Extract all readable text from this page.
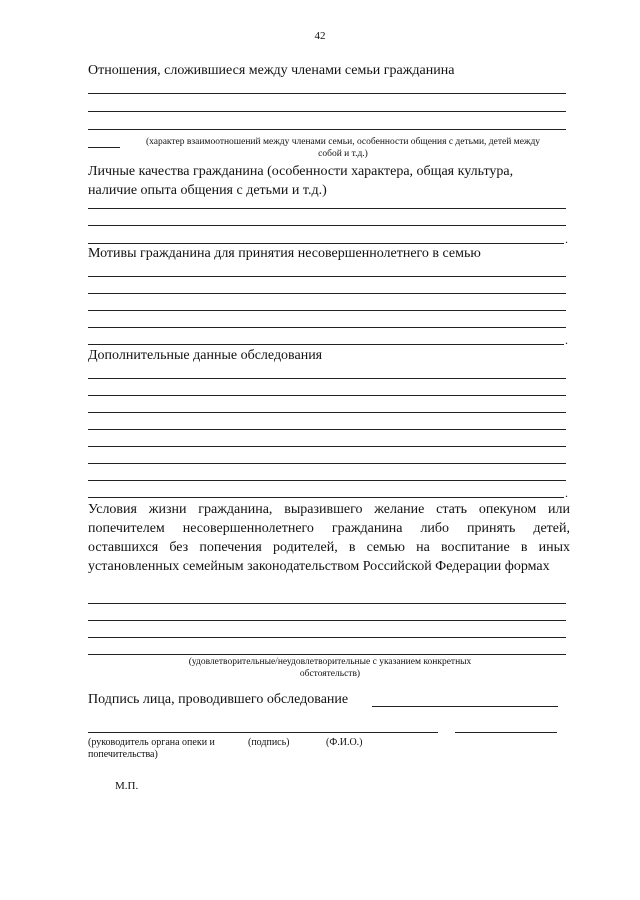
42
Отношения, сложившиеся между членами семьи гражданина
(характер взаимоотношений между членами семьи, особенности общения с детьми, детей между
собой и т.д.)
Личные качества гражданина (особенности характера, общая культура,
наличие опыта общения с детьми и т.д.)
.
Мотивы гражданина для принятия несовершеннолетнего в семью
.
Дополнительные данные обследования
.
Условия жизни гражданина, выразившего желание стать опекуном или попечителем несовершеннолетнего гражданина либо принять детей, оставшихся без попечения родителей, в семью на воспитание в иных установленных семейным законодательством Российской Федерации формах
(удовлетворительные/неудовлетворительные с указанием конкретных
обстоятельств)
Подпись лица, проводившего обследование
(руководитель органа опеки и
попечительства)
(подпись)	(Ф.И.О.)
М.П.
